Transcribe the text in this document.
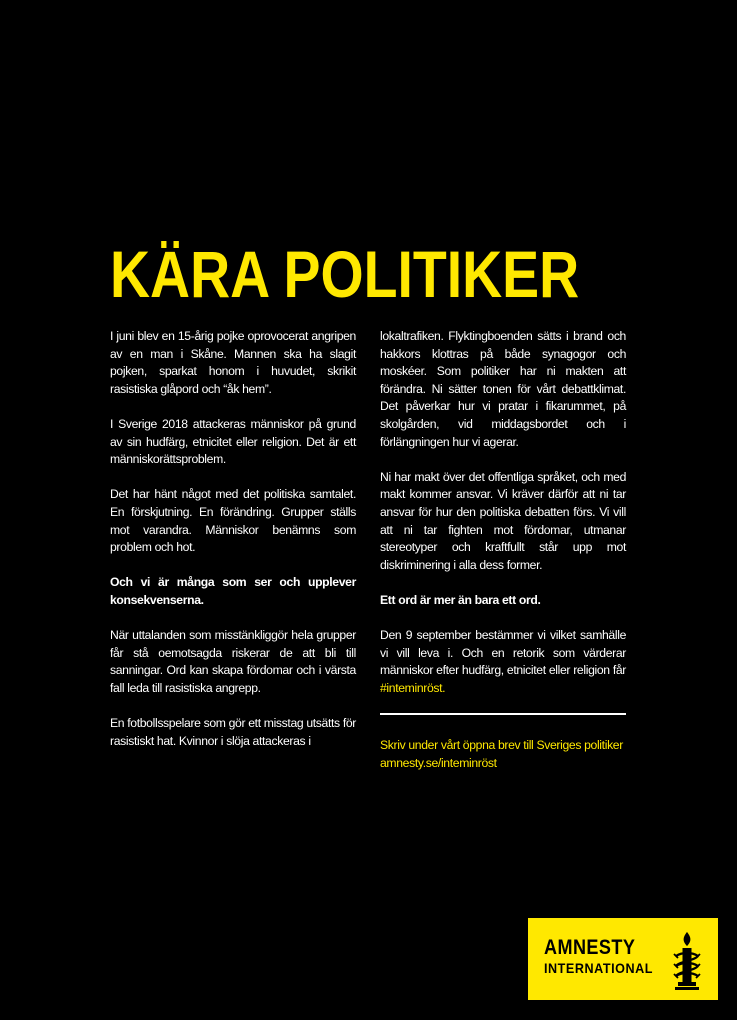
KÄRA POLITIKER

I juni blev en 15-årig pojke oprovocerat angripen av en man i Skåne. Mannen ska ha slagit pojken, sparkat honom i huvudet, skrikit rasistiska glåpord och “åk hem”.

I Sverige 2018 attackeras människor på grund av sin hudfärg, etnicitet eller religion. Det är ett människorättsproblem.

Det har hänt något med det politiska samtalet. En förskjutning. En förändring. Grupper ställs mot varandra. Människor benämns som problem och hot.

Och vi är många som ser och upplever konsekvenserna.

När uttalanden som misstänkliggör hela grupper får stå oemotsagda riskerar de att bli till sanningar. Ord kan skapa fördomar och i värsta fall leda till rasistiska angrepp.

En fotbollsspelare som gör ett misstag utsätts för rasistiskt hat. Kvinnor i slöja attackeras i

lokaltrafiken. Flyktingboenden sätts i brand och hakkors klottras på både synagogor och moskéer. Som politiker har ni makten att förändra. Ni sätter tonen för vårt debattklimat. Det påverkar hur vi pratar i fikarummet, på skolgården, vid middagsbordet och i förlängningen hur vi agerar.

Ni har makt över det offentliga språket, och med makt kommer ansvar. Vi kräver därför att ni tar ansvar för hur den politiska debatten förs. Vi vill att ni tar fighten mot fördomar, utmanar stereotyper och kraftfullt står upp mot diskriminering i alla dess former.

Ett ord är mer än bara ett ord.

Den 9 september bestämmer vi vilket samhälle vi vill leva i. Och en retorik som värderar människor efter hudfärg, etnicitet eller religion får #inteminröst.

Skriv under vårt öppna brev till Sveriges politiker

amnesty.se/inteminröst

AMNESTY
INTERNATIONAL
